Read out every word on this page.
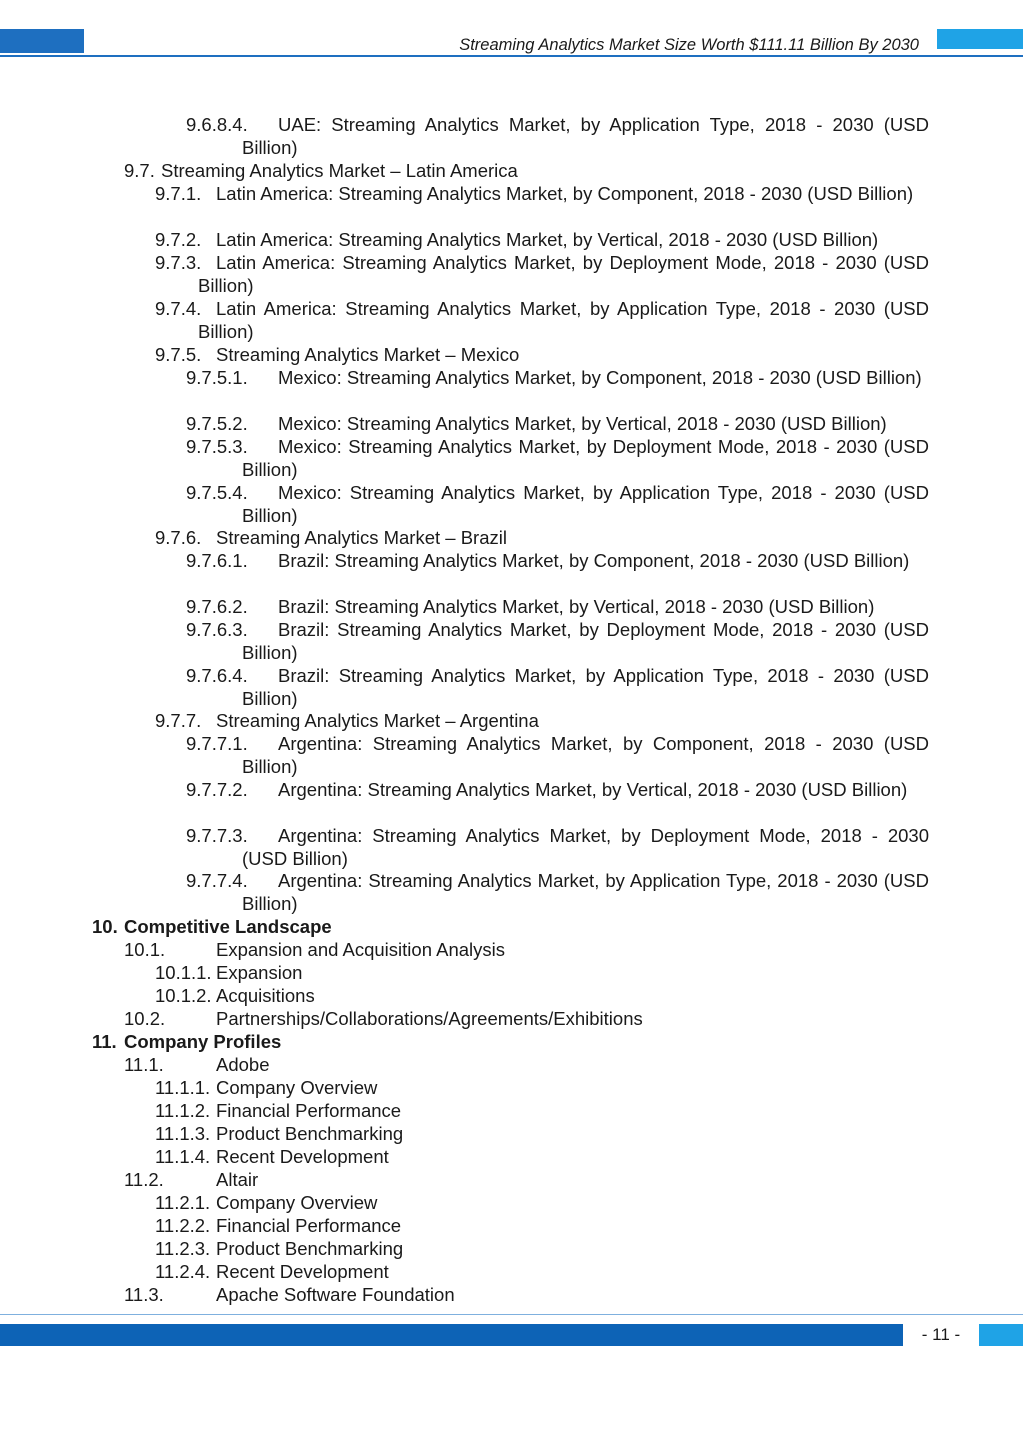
Streaming Analytics Market Size Worth $111.11 Billion By 2030
9.6.8.4.	UAE: Streaming Analytics Market, by Application Type, 2018 - 2030 (USD Billion)
9.7. Streaming Analytics Market – Latin America
9.7.1. Latin America: Streaming Analytics Market, by Component, 2018 - 2030 (USD Billion)
9.7.2. Latin America: Streaming Analytics Market, by Vertical, 2018 - 2030 (USD Billion)
9.7.3. Latin America: Streaming Analytics Market, by Deployment Mode, 2018 - 2030 (USD Billion)
9.7.4. Latin America: Streaming Analytics Market, by Application Type, 2018 - 2030 (USD Billion)
9.7.5. Streaming Analytics Market – Mexico
9.7.5.1.	Mexico: Streaming Analytics Market, by Component, 2018 - 2030 (USD Billion)
9.7.5.2.	Mexico: Streaming Analytics Market, by Vertical, 2018 - 2030 (USD Billion)
9.7.5.3.	Mexico: Streaming Analytics Market, by Deployment Mode, 2018 - 2030 (USD Billion)
9.7.5.4.	Mexico: Streaming Analytics Market, by Application Type, 2018 - 2030 (USD Billion)
9.7.6. Streaming Analytics Market – Brazil
9.7.6.1.	Brazil: Streaming Analytics Market, by Component, 2018 - 2030 (USD Billion)
9.7.6.2.	Brazil: Streaming Analytics Market, by Vertical, 2018 - 2030 (USD Billion)
9.7.6.3.	Brazil: Streaming Analytics Market, by Deployment Mode, 2018 - 2030 (USD Billion)
9.7.6.4.	Brazil: Streaming Analytics Market, by Application Type, 2018 - 2030 (USD Billion)
9.7.7. Streaming Analytics Market – Argentina
9.7.7.1.	Argentina: Streaming Analytics Market, by Component, 2018 - 2030 (USD Billion)
9.7.7.2.	Argentina: Streaming Analytics Market, by Vertical, 2018 - 2030 (USD Billion)
9.7.7.3.	Argentina: Streaming Analytics Market, by Deployment Mode, 2018 - 2030 (USD Billion)
9.7.7.4.	Argentina: Streaming Analytics Market, by Application Type, 2018 - 2030 (USD Billion)
10. Competitive Landscape
10.1.	Expansion and Acquisition Analysis
10.1.1. Expansion
10.1.2. Acquisitions
10.2.	Partnerships/Collaborations/Agreements/Exhibitions
11. Company Profiles
11.1.	Adobe
11.1.1. Company Overview
11.1.2. Financial Performance
11.1.3. Product Benchmarking
11.1.4. Recent Development
11.2.	Altair
11.2.1. Company Overview
11.2.2. Financial Performance
11.2.3. Product Benchmarking
11.2.4. Recent Development
11.3.	Apache Software Foundation
- 11 -
